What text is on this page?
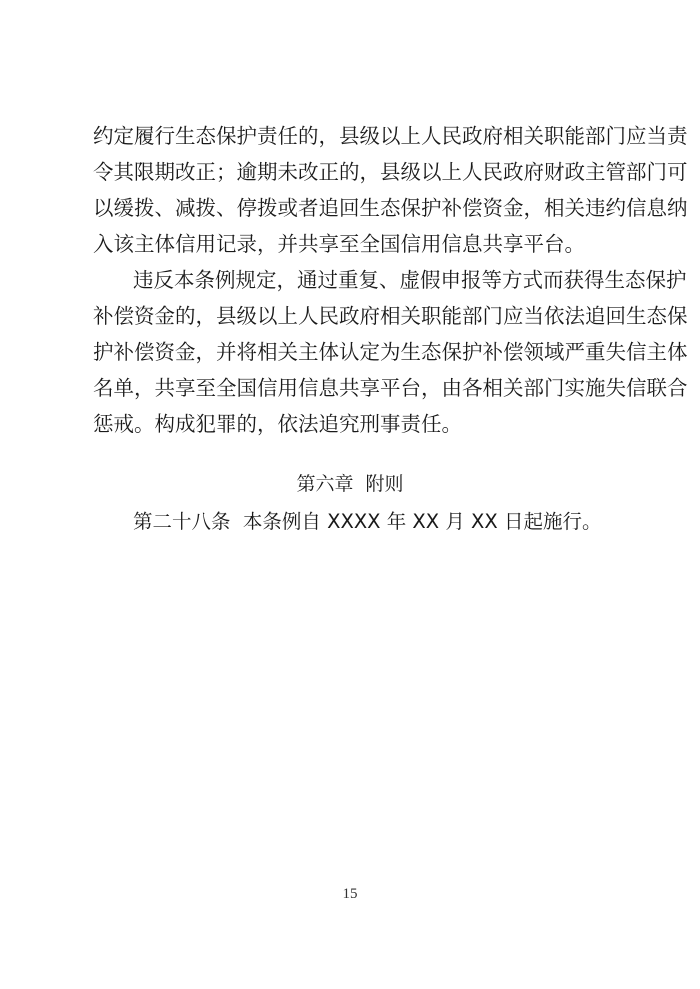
约定履行生态保护责任的，县级以上人民政府相关职能部门应当责
令其限期改正；逾期未改正的，县级以上人民政府财政主管部门可
以缓拨、减拨、停拨或者追回生态保护补偿资金，相关违约信息纳
入该主体信用记录，并共享至全国信用信息共享平台。
违反本条例规定，通过重复、虚假申报等方式而获得生态保护
补偿资金的，县级以上人民政府相关职能部门应当依法追回生态保
护补偿资金，并将相关主体认定为生态保护补偿领域严重失信主体
名单，共享至全国信用信息共享平台，由各相关部门实施失信联合
惩戒。构成犯罪的，依法追究刑事责任。
第六章  附则
第二十八条  本条例自 XXXX 年 XX 月 XX 日起施行。
15
